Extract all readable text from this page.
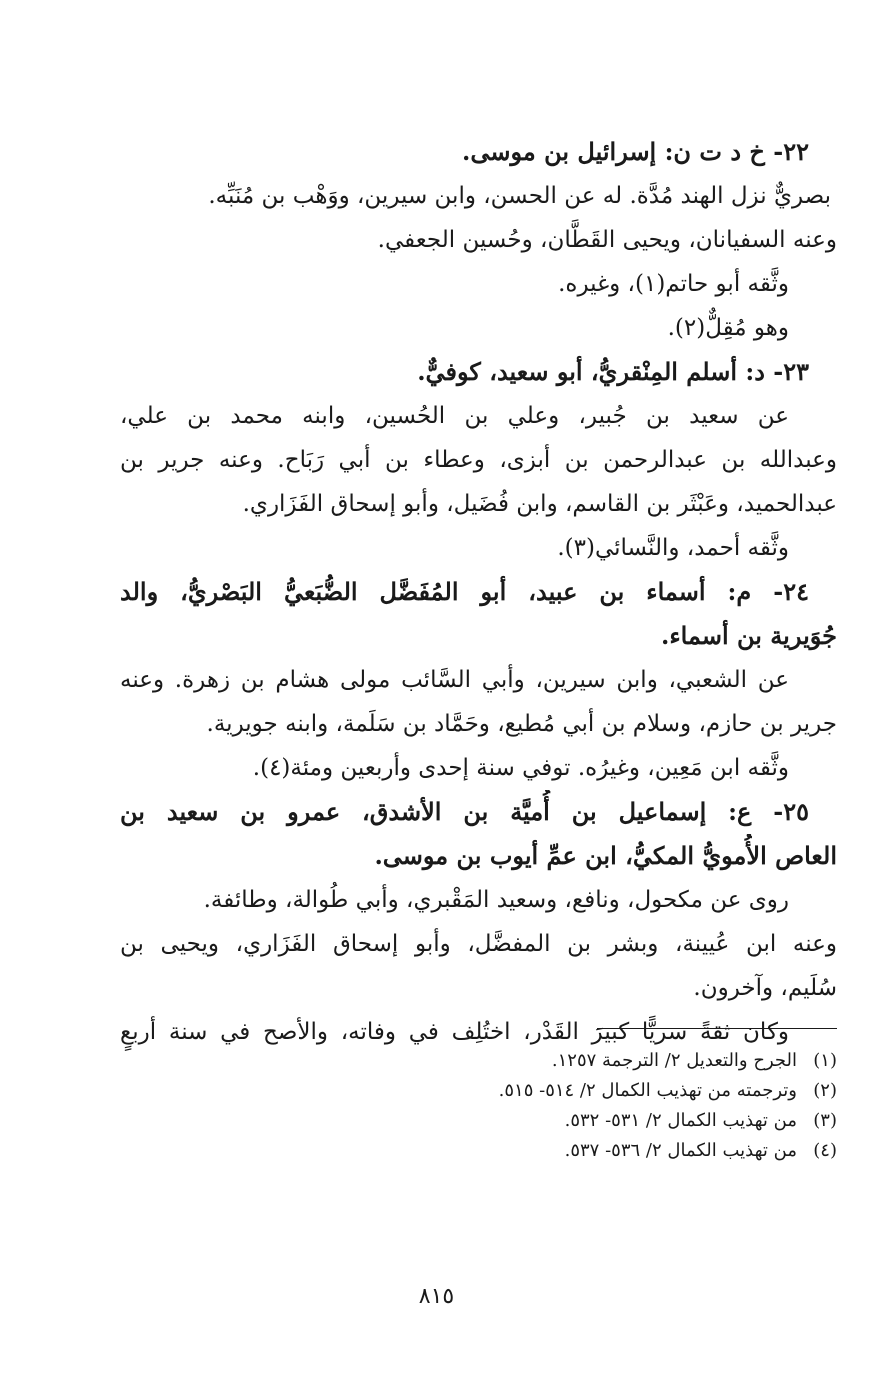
٢٢- خ د ت ن: إسرائيل بن موسى.
بصريٌّ نزل الهند مُدَّة. له عن الحسن، وابن سيرين، ووَهْب بن مُنَبِّه.
وعنه السفيانان، ويحيى القَطَّان، وحُسين الجعفي.
وثَّقه أبو حاتم(١)، وغيره.
وهو مُقِلٌّ(٢).
٢٣- د: أسلم المِنْقريُّ، أبو سعيد، كوفيٌّ.
عن سعيد بن جُبير، وعلي بن الحُسين، وابنه محمد بن علي،
وعبدالله بن عبدالرحمن بن أبزى، وعطاء بن أبي رَبَاح. وعنه جرير بن
عبدالحميد، وعَبْثَر بن القاسم، وابن فُضَيل، وأبو إسحاق الفَزَاري.
وثَّقه أحمد، والنَّسائي(٣).
٢٤- م: أسماء بن عبيد، أبو المُفَضَّل الضُّبَعيُّ البَصْريُّ، والد
جُوَيرية بن أسماء.
عن الشعبي، وابن سيرين، وأبي السَّائب مولى هشام بن زهرة. وعنه
جرير بن حازم، وسلام بن أبي مُطيع، وحَمَّاد بن سَلَمة، وابنه جويرية.
وثَّقه ابن مَعِين، وغيرُه. توفي سنة إحدى وأربعين ومئة(٤).
٢٥- ع: إسماعيل بن أُميَّة بن الأشدق، عمرو بن سعيد بن
العاص الأُمويُّ المكيُّ، ابن عمِّ أيوب بن موسى.
روى عن مكحول، ونافع، وسعيد المَقْبري، وأبي طُوالة، وطائفة.
وعنه ابن عُيينة، وبشر بن المفضَّل، وأبو إسحاق الفَزَاري، ويحيى بن
سُلَيم، وآخرون.
وكان ثقةً سريًّا كبيرَ القَدْر، اختُلِف في وفاته، والأصح في سنة أربعٍ
(١)
الجرح والتعديل ٢/ الترجمة ١٢٥٧.
(٢)
وترجمته من تهذيب الكمال ٢/ ٥١٤- ٥١٥.
(٣)
من تهذيب الكمال ٢/ ٥٣١- ٥٣٢.
(٤)
من تهذيب الكمال ٢/ ٥٣٦- ٥٣٧.
٨١٥
